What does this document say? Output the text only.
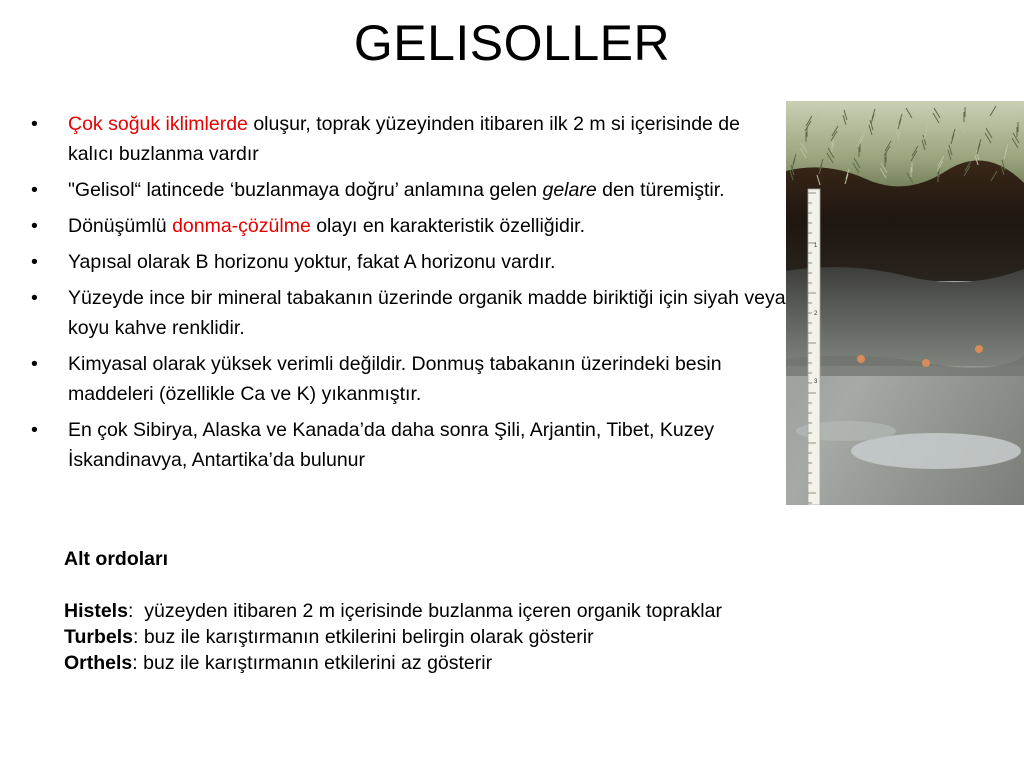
GELISOLLER
• Çok soğuk iklimlerde oluşur, toprak yüzeyinden itibaren ilk 2 m si içerisinde de kalıcı buzlanma vardır
• "Gelisol“ latincede ‘buzlanmaya doğru’ anlamına gelen gelare den türemiştir.
• Dönüşümlü donma-çözülme olayı en karakteristik özelliğidir.
• Yapısal olarak B horizonu yoktur, fakat A horizonu vardır.
• Yüzeyde ince bir mineral tabakanın üzerinde organik madde biriktiği için siyah veya koyu kahve renklidir.
• Kimyasal olarak yüksek verimli değildir. Donmuş tabakanın üzerindeki besin maddeleri (özellikle Ca ve K) yıkanmıştır.
• En çok Sibirya, Alaska ve Kanada’da daha sonra Şili, Arjantin, Tibet, Kuzey İskandinavya, Antartika’da bulunur
1
2
3
Alt ordoları
Histels:  yüzeyden itibaren 2 m içerisinde buzlanma içeren organik topraklar
Turbels: buz ile karıştırmanın etkilerini belirgin olarak gösterir
Orthels: buz ile karıştırmanın etkilerini az gösterir
